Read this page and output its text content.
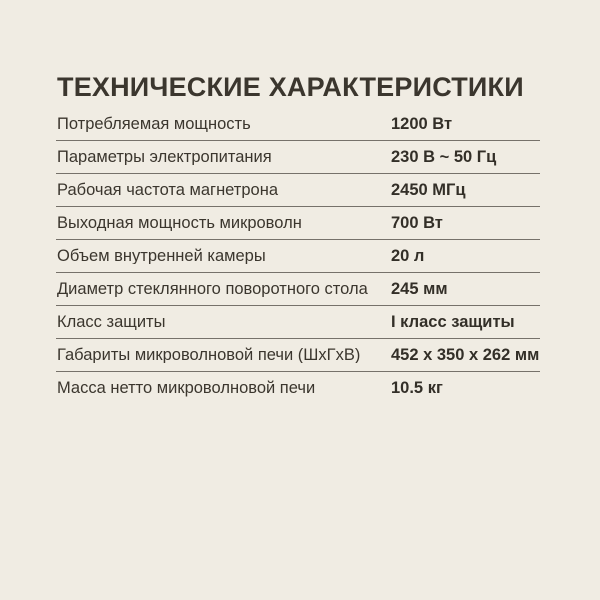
ТЕХНИЧЕСКИЕ ХАРАКТЕРИСТИКИ
Потребляемая мощность	1200 Вт
Параметры электропитания	230 В ~ 50 Гц
Рабочая частота магнетрона	2450 МГц
Выходная мощность микроволн	700 Вт
Объем внутренней камеры	20 л
Диаметр стеклянного поворотного стола	245 мм
Класс защиты	I класс защиты
Габариты микроволновой печи (ШхГхВ)	452 x 350 x 262 мм
Масса нетто микроволновой печи	10.5 кг
